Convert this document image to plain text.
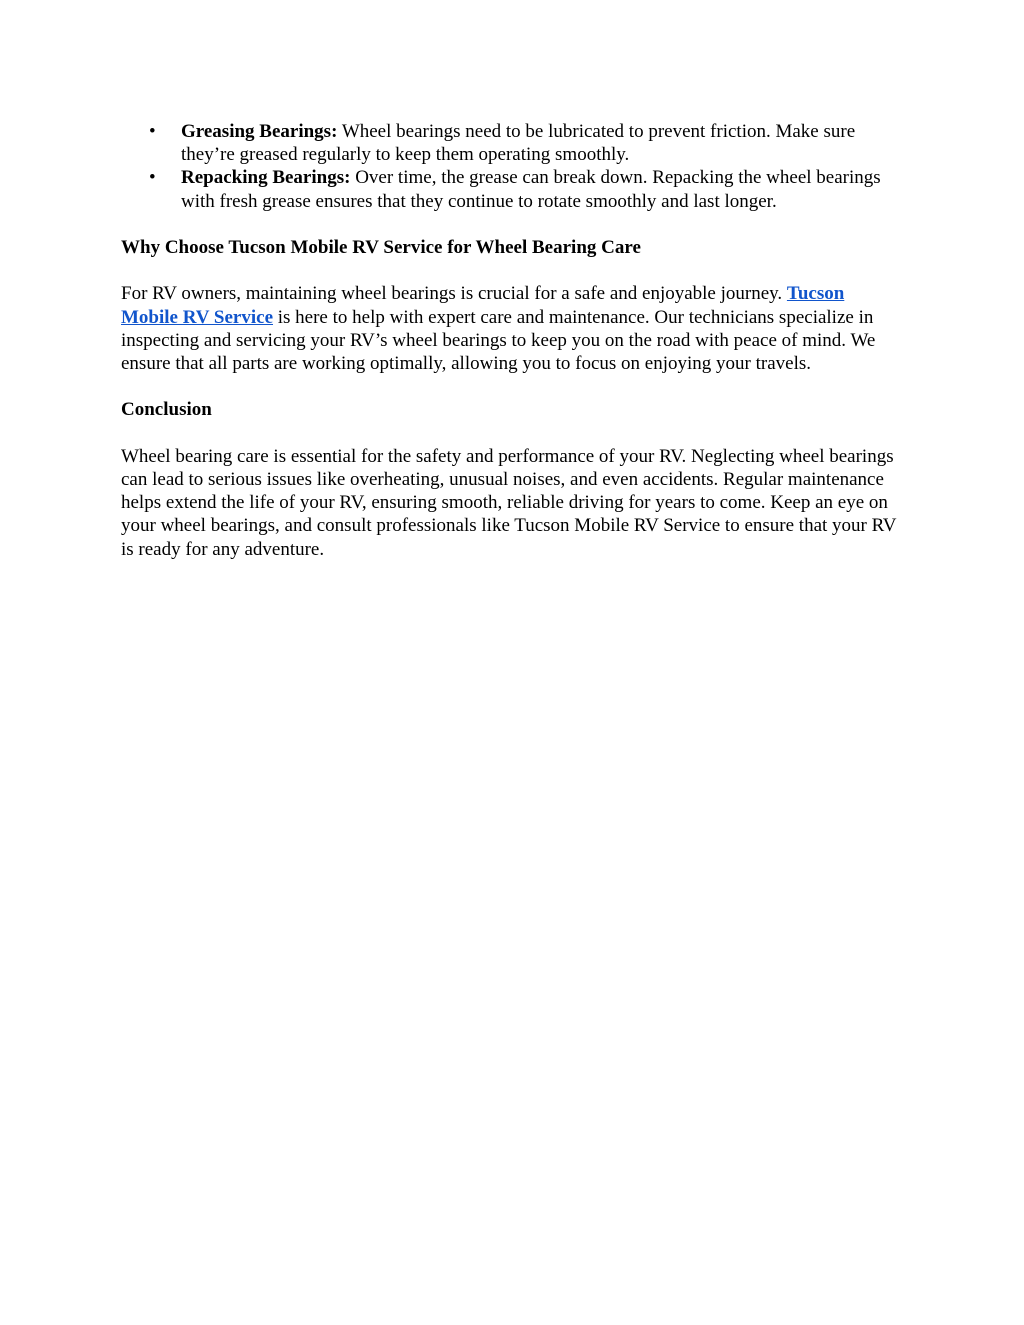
• Greasing Bearings: Wheel bearings need to be lubricated to prevent friction. Make sure they’re greased regularly to keep them operating smoothly.
• Repacking Bearings: Over time, the grease can break down. Repacking the wheel bearings with fresh grease ensures that they continue to rotate smoothly and last longer.
Why Choose Tucson Mobile RV Service for Wheel Bearing Care

For RV owners, maintaining wheel bearings is crucial for a safe and enjoyable journey. Tucson Mobile RV Service is here to help with expert care and maintenance. Our technicians specialize in inspecting and servicing your RV’s wheel bearings to keep you on the road with peace of mind. We ensure that all parts are working optimally, allowing you to focus on enjoying your travels.

Conclusion

Wheel bearing care is essential for the safety and performance of your RV. Neglecting wheel bearings can lead to serious issues like overheating, unusual noises, and even accidents. Regular maintenance helps extend the life of your RV, ensuring smooth, reliable driving for years to come. Keep an eye on your wheel bearings, and consult professionals like Tucson Mobile RV Service to ensure that your RV is ready for any adventure.
